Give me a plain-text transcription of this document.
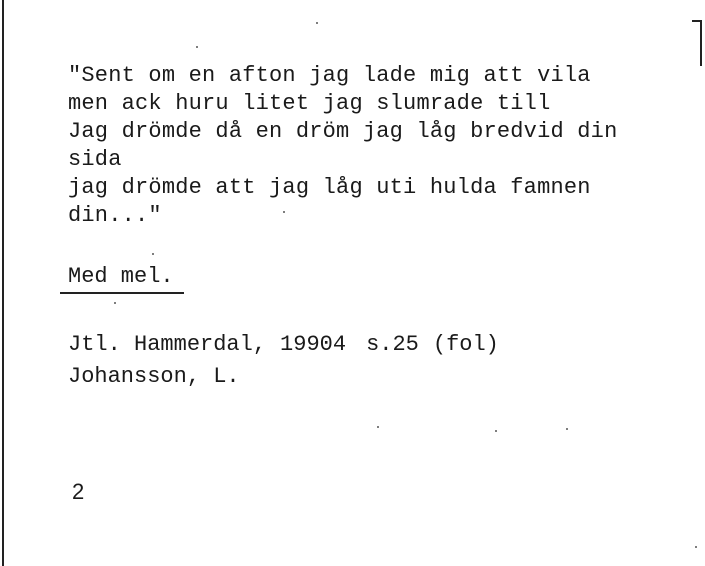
"Sent om en afton jag lade mig att vila
men ack huru litet jag slumrade till
Jag drömde då en dröm jag låg bredvid din
sida
jag drömde att jag låg uti hulda famnen
din..."
Med mel.
Jtl. Hammerdal, 19904 s.25 (fol)
Johansson, L.
2
